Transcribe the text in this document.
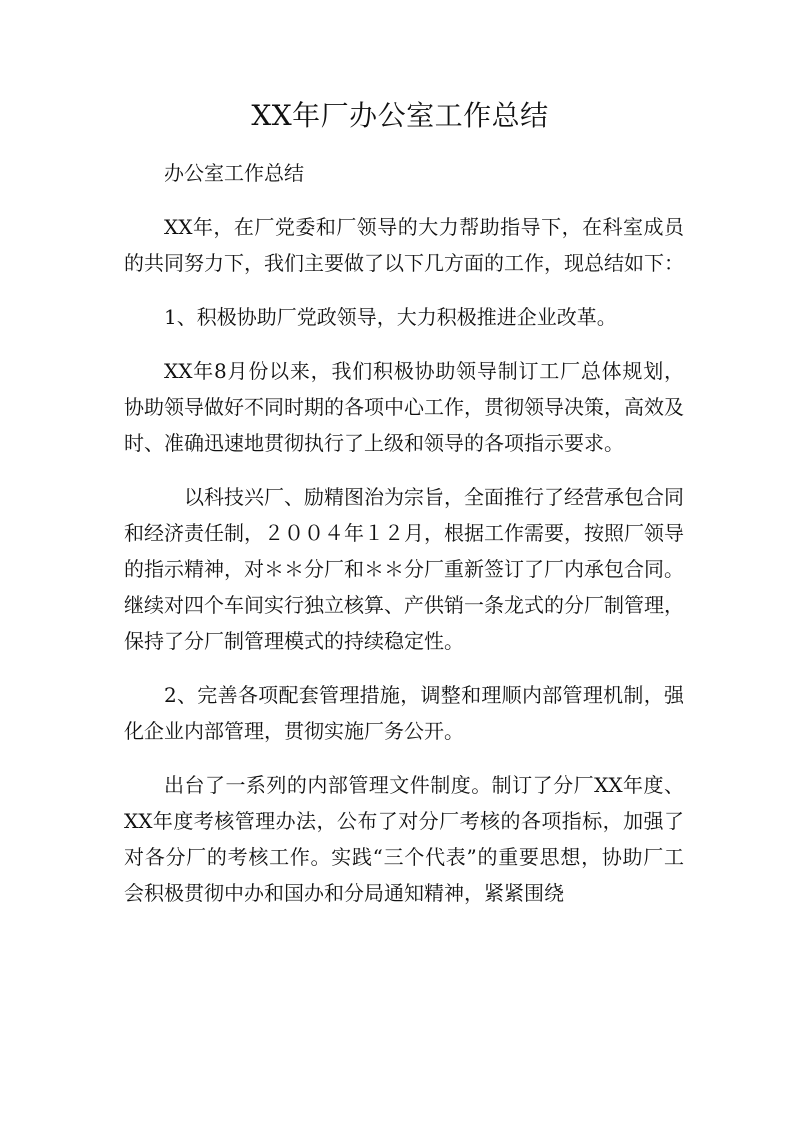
XX年厂办公室工作总结

办公室工作总结

XX年，在厂党委和厂领导的大力帮助指导下，在科室成员的共同努力下，我们主要做了以下几方面的工作，现总结如下：

1、积极协助厂党政领导，大力积极推进企业改革。

XX年8月份以来，我们积极协助领导制订工厂总体规划，协助领导做好不同时期的各项中心工作，贯彻领导决策，高效及时、准确迅速地贯彻执行了上级和领导的各项指示要求。

以科技兴厂、励精图治为宗旨，全面推行了经营承包合同和经济责任制，２００４年１２月，根据工作需要，按照厂领导的指示精神，对＊＊分厂和＊＊分厂重新签订了厂内承包合同。继续对四个车间实行独立核算、产供销一条龙式的分厂制管理，保持了分厂制管理模式的持续稳定性。

2、完善各项配套管理措施，调整和理顺内部管理机制，强化企业内部管理，贯彻实施厂务公开。

出台了一系列的内部管理文件制度。制订了分厂XX年度、XX年度考核管理办法，公布了对分厂考核的各项指标，加强了对各分厂的考核工作。实践“三个代表”的重要思想，协助厂工会积极贯彻中办和国办和分局通知精神，紧紧围绕
